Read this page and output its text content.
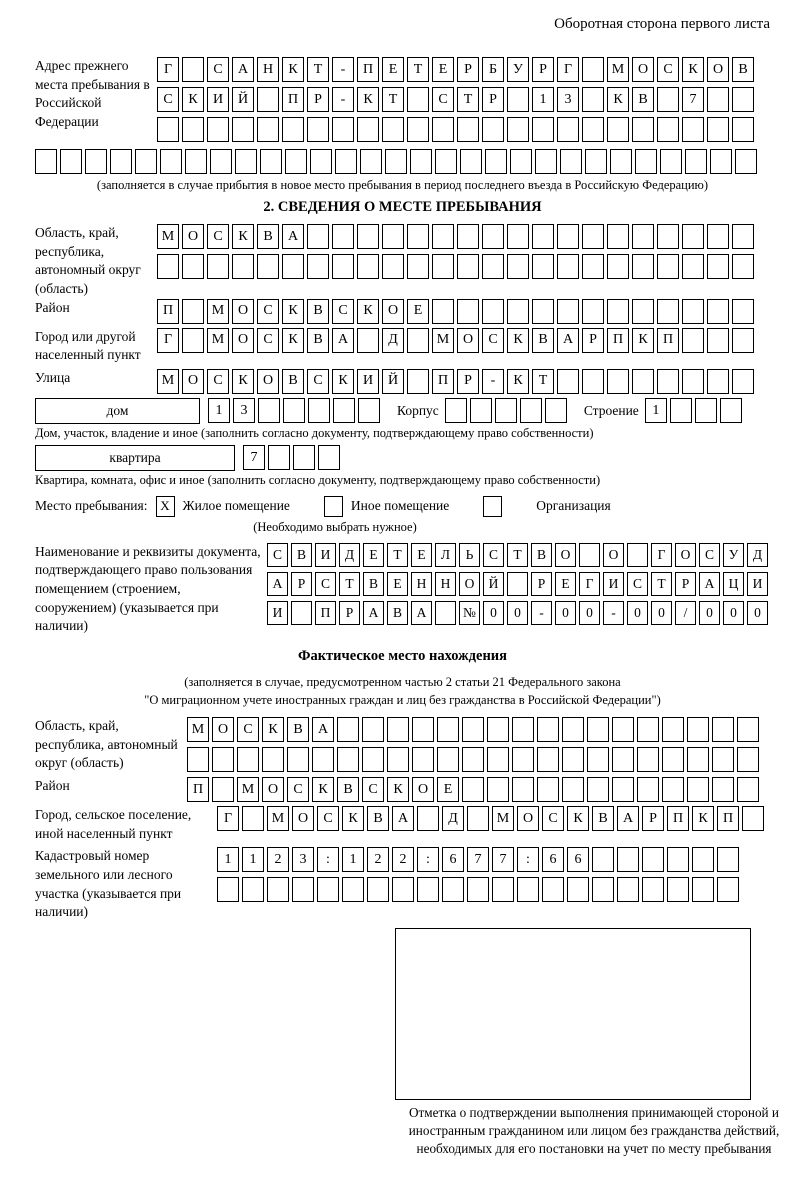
Оборотная сторона первого листа
Адрес прежнего места пребывания в Российской Федерации
Г	С	А	Н	К	Т	-	П	Е	Т	Е	Р	Б	У	Р	Г	М О	С	К	О	В
С	К	И	Й	П	Р	-	К	Т	С	Т	Р	1	3	К	В	7
(заполняется в случае прибытия в новое место пребывания в период последнего въезда в Российскую Федерацию)
2. СВЕДЕНИЯ О МЕСТЕ ПРЕБЫВАНИЯ
Область, край, республика, автономный округ (область)
М О	С	К	В	А
Район	П	М О	С	К	В	С	К	О	Е
Город или другой населенный пункт
Г	М О	С	К	В	А	Д	М О	С	К	В	А	Р	П	К	П
Улица	М О	С	К	О	В	С	К	И	Й	П	Р	-	К	Т
дом	1	3	Корпус	Строение 1
Дом, участок, владение и иное (заполнить согласно документу, подтверждающему право собственности)
квартира	7
Квартира, комната, офис и иное (заполнить согласно документу, подтверждающему право собственности)
Место пребывания: X Жилое помещение	Иное помещение	Организация
(Необходимо выбрать нужное)
Наименование и реквизиты документа, подтверждающего право пользования помещением (строением, сооружением) (указывается при наличии)
С	В	И	Д	Е	Т	Е	Л	Ь	С	Т	В	О	О	Г	О	С	У	Д
А	Р	С	Т	В	Е	Н	Н	О	Й	Р	Е	Г	И	С	Т	Р	А	Ц	И
И	П	Р	А	В	А	№	0	0	-	0	0	-	0	0	/	0	0	0
Фактическое место нахождения
(заполняется в случае, предусмотренном частью 2 статьи 21 Федерального закона
"О миграционном учете иностранных граждан и лиц без гражданства в Российской Федерации")
Область, край, республика, автономный округ (область)
М О	С	К	В	А
Район	П	М О	С	К	В	С	К	О	Е
Город, сельское поселение, иной населенный пункт
Г	М О	С	К	В	А	Д	М О	С	К	В	А	Р	П	К	П
Кадастровый номер земельного или лесного участка (указывается при наличии)
1	1	2	3	:	1	2	2	:	6	7	7	:	6	6
Отметка о подтверждении выполнения принимающей стороной и иностранным гражданином или лицом без гражданства действий, необходимых для его постановки на учет по месту пребывания
